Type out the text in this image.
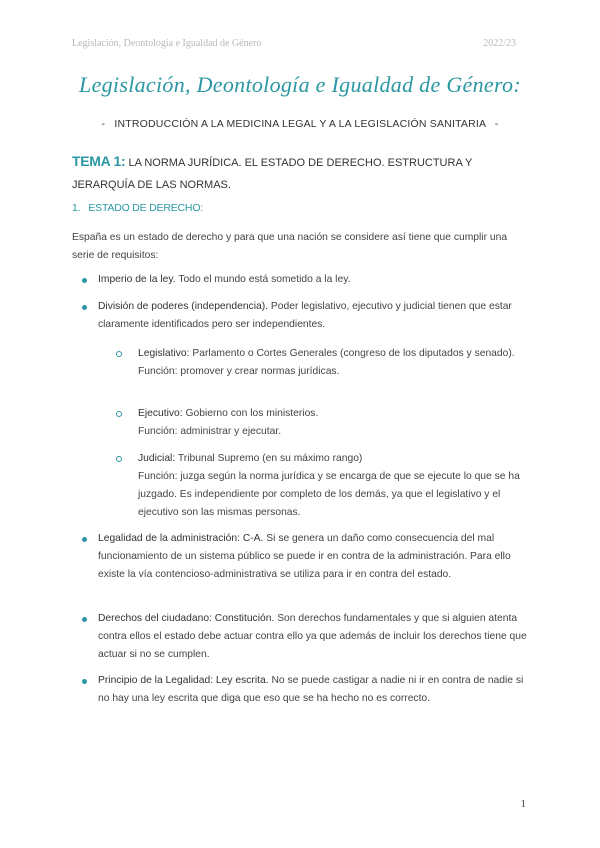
Legislación, Deontología e Igualdad de Género	2022/23
Legislación, Deontología e Igualdad de Género:
- INTRODUCCIÓN A LA MEDICINA LEGAL Y A LA LEGISLACIÓN SANITARIA -
TEMA 1: LA NORMA JURÍDICA. EL ESTADO DE DERECHO. ESTRUCTURA Y JERARQUÍA DE LAS NORMAS.
1. ESTADO DE DERECHO:
España es un estado de derecho y para que una nación se considere así tiene que cumplir una serie de requisitos:
Imperio de la ley. Todo el mundo está sometido a la ley.
División de poderes (independencia). Poder legislativo, ejecutivo y judicial tienen que estar claramente identificados pero ser independientes.
Legislativo: Parlamento o Cortes Generales (congreso de los diputados y senado).
Función: promover y crear normas jurídicas.
Ejecutivo: Gobierno con los ministerios.
Función: administrar y ejecutar.
Judicial: Tribunal Supremo (en su máximo rango)
Función: juzga según la norma jurídica y se encarga de que se ejecute lo que se ha juzgado. Es independiente por completo de los demás, ya que el legislativo y el ejecutivo son las mismas personas.
Legalidad de la administración: C-A. Si se genera un daño como consecuencia del mal funcionamiento de un sistema público se puede ir en contra de la administración. Para ello existe la vía contencioso-administrativa se utiliza para ir en contra del estado.
Derechos del ciudadano: Constitución. Son derechos fundamentales y que si alguien atenta contra ellos el estado debe actuar contra ello ya que además de incluir los derechos tiene que actuar si no se cumplen.
Principio de la Legalidad: Ley escrita. No se puede castigar a nadie ni ir en contra de nadie si no hay una ley escrita que diga que eso que se ha hecho no es correcto.
1
